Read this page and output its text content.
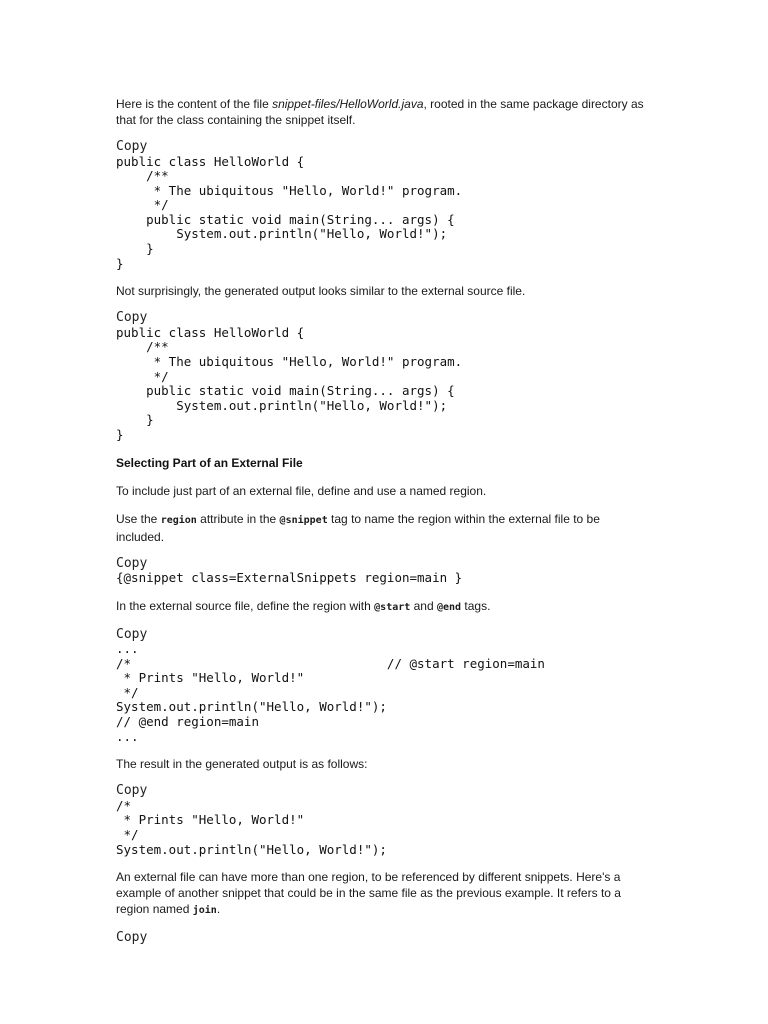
Here is the content of the file snippet-files/HelloWorld.java, rooted in the same package directory as that for the class containing the snippet itself.

Copy
public class HelloWorld {
/**
* The ubiquitous "Hello, World!" program.
*/
public static void main(String... args) {
System.out.println("Hello, World!");
}
}

Not surprisingly, the generated output looks similar to the external source file.

Copy
public class HelloWorld {
/**
* The ubiquitous "Hello, World!" program.
*/
public static void main(String... args) {
System.out.println("Hello, World!");
}
}

Selecting Part of an External File

To include just part of an external file, define and use a named region.

Use the region attribute in the @snippet tag to name the region within the external file to be included.

Copy
{@snippet class=ExternalSnippets region=main }

In the external source file, define the region with @start and @end tags.

Copy
...
/*                                  // @start region=main
* Prints "Hello, World!"
*/
System.out.println("Hello, World!");
// @end region=main
...

The result in the generated output is as follows:

Copy
/*
* Prints "Hello, World!"
*/
System.out.println("Hello, World!");

An external file can have more than one region, to be referenced by different snippets. Here's a example of another snippet that could be in the same file as the previous example. It refers to a region named join.

Copy
